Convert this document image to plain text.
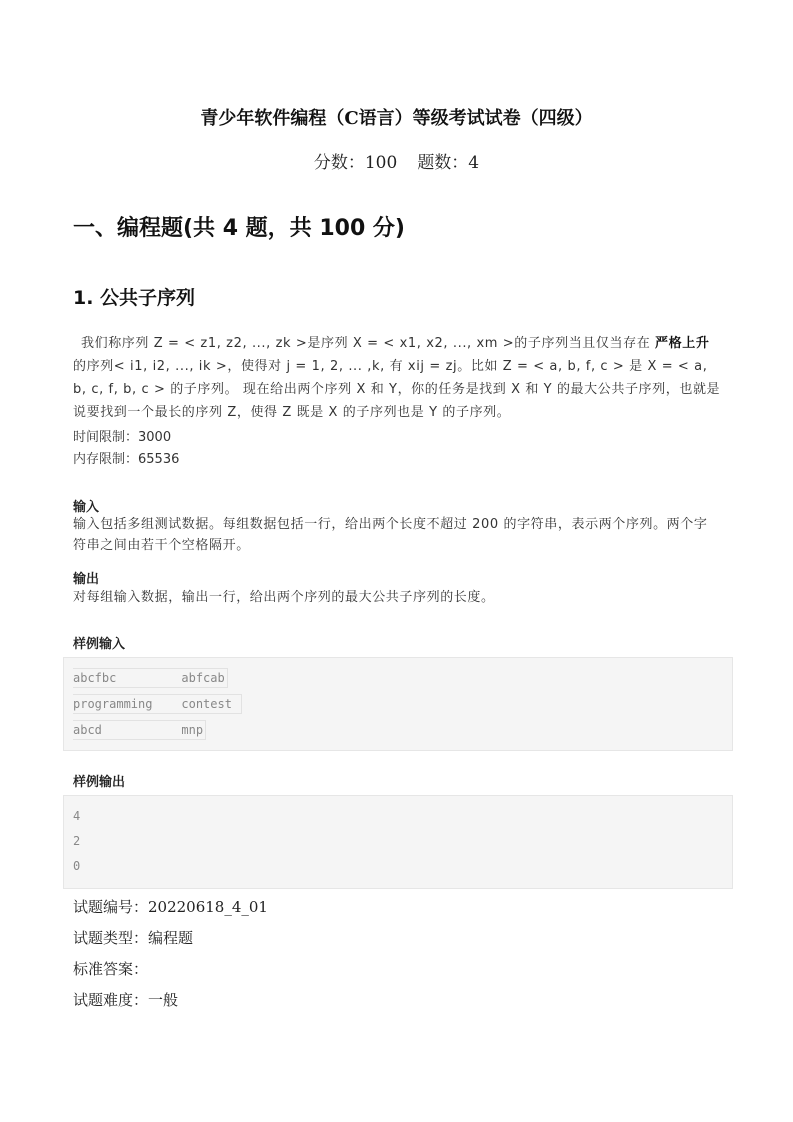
青少年软件编程（C语言）等级考试试卷（四级）
分数：100 题数：4
一、编程题(共 4 题，共 100 分)
1. 公共子序列
我们称序列 Z = < z1, z2, ..., zk >是序列 X = < x1, x2, ..., xm >的子序列当且仅当存在 严格上升 的序列< i1, i2, ..., ik >，使得对 j = 1, 2, ... ,k, 有 xij = zj。比如 Z = < a, b, f, c > 是 X = < a, b, c, f, b, c > 的子序列。 现在给出两个序列 X 和 Y，你的任务是找到 X 和 Y 的最大公共子序列，也就是说要找到一个最长的序列 Z，使得 Z 既是 X 的子序列也是 Y 的子序列。
时间限制：3000
内存限制：65536
输入
输入包括多组测试数据。每组数据包括一行，给出两个长度不超过 200 的字符串，表示两个序列。两个字符串之间由若干个空格隔开。
输出
对每组输入数据，输出一行，给出两个序列的最大公共子序列的长度。
样例输入
abcfbc         abfcab
programming    contest
abcd           mnp
样例输出
4
2
0
试题编号：20220618_4_01
试题类型：编程题
标准答案：
试题难度：一般
